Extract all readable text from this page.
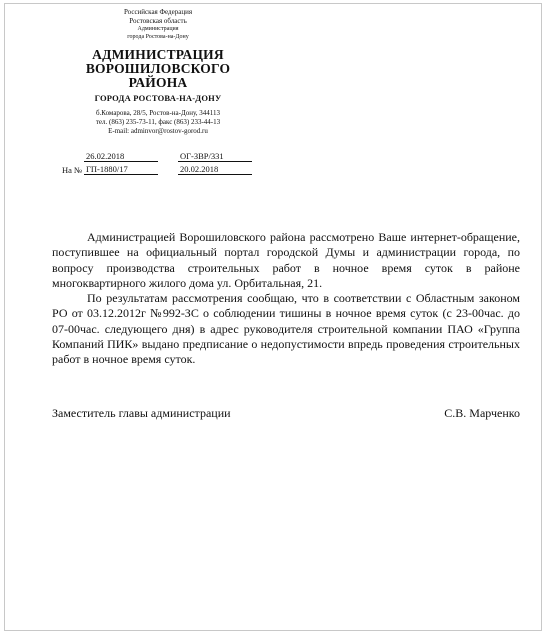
Российская Федерация
Ростовская область
Администрация
города Ростова-на-Дону
АДМИНИСТРАЦИЯ
ВОРОШИЛОВСКОГО
РАЙОНА
ГОРОДА РОСТОВА-НА-ДОНУ
б.Комарова, 28/5, Ростов-на-Дону, 344113
тел. (863) 235-73-11, факс (863) 233-44-13
E-mail: adminvor@rostov-gorod.ru
26.02.2018	ОГ-ЗВР/331
На № ГП-1880/17	20.02.2018

Администрацией Ворошиловского района рассмотрено Ваше интернет-обращение, поступившее на официальный портал городской Думы и администрации города, по вопросу производства строительных работ в ночное время суток в районе многоквартирного жилого дома ул. Орбитальная, 21.

По результатам рассмотрения сообщаю, что в соответствии с Областным законом РО от 03.12.2012г №992-ЗС о соблюдении тишины в ночное время суток (с 23-00час. до 07-00час. следующего дня) в адрес руководителя строительной компании ПАО «Группа Компаний ПИК» выдано предписание о недопустимости впредь проведения строительных работ в ночное время суток.

Заместитель главы администрации	С.В. Марченко
